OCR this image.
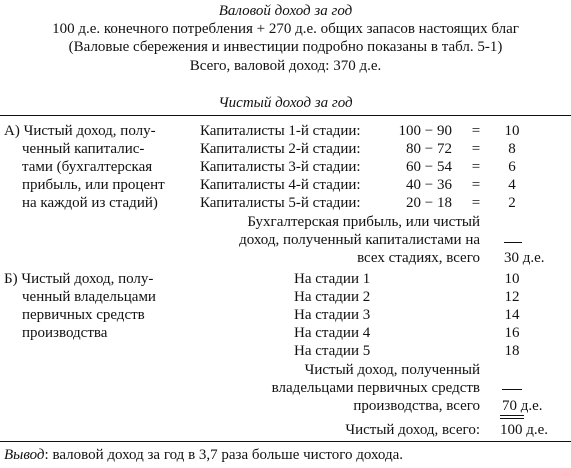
Валовой доход за год
100 д.е. конечного потребления + 270 д.е. общих запасов настоящих благ
(Валовые сбережения и инвестиции подробно показаны в табл. 5-1)
Всего, валовой доход: 370 д.е.
Чистый доход за год
А) Чистый доход, полу-
ченный капиталис-
тами (бухгалтерская
прибыль, или процент
на каждой из стадий)
Капиталисты 1-й стадии:	100 − 90 =	10
Капиталисты 2-й стадии:	80 − 72 =	8
Капиталисты 3-й стадии:	60 − 54 =	6
Капиталисты 4-й стадии:	40 − 36 =	4
Капиталисты 5-й стадии:	20 − 18 =	2
Бухгалтерская прибыль, или чистый
доход, полученный капиталистами на
всех стадиях, всего 30 д.е.
Б) Чистый доход, полу-
ченный владельцами
первичных средств
производства
На стадии 1	10
На стадии 2	12
На стадии 3	14
На стадии 4	16
На стадии 5	18
Чистый доход, полученный
владельцами первичных средств
производства, всего 70 д.е.
Чистый доход, всего: 100 д.е.
Вывод: валовой доход за год в 3,7 раза больше чистого дохода.
